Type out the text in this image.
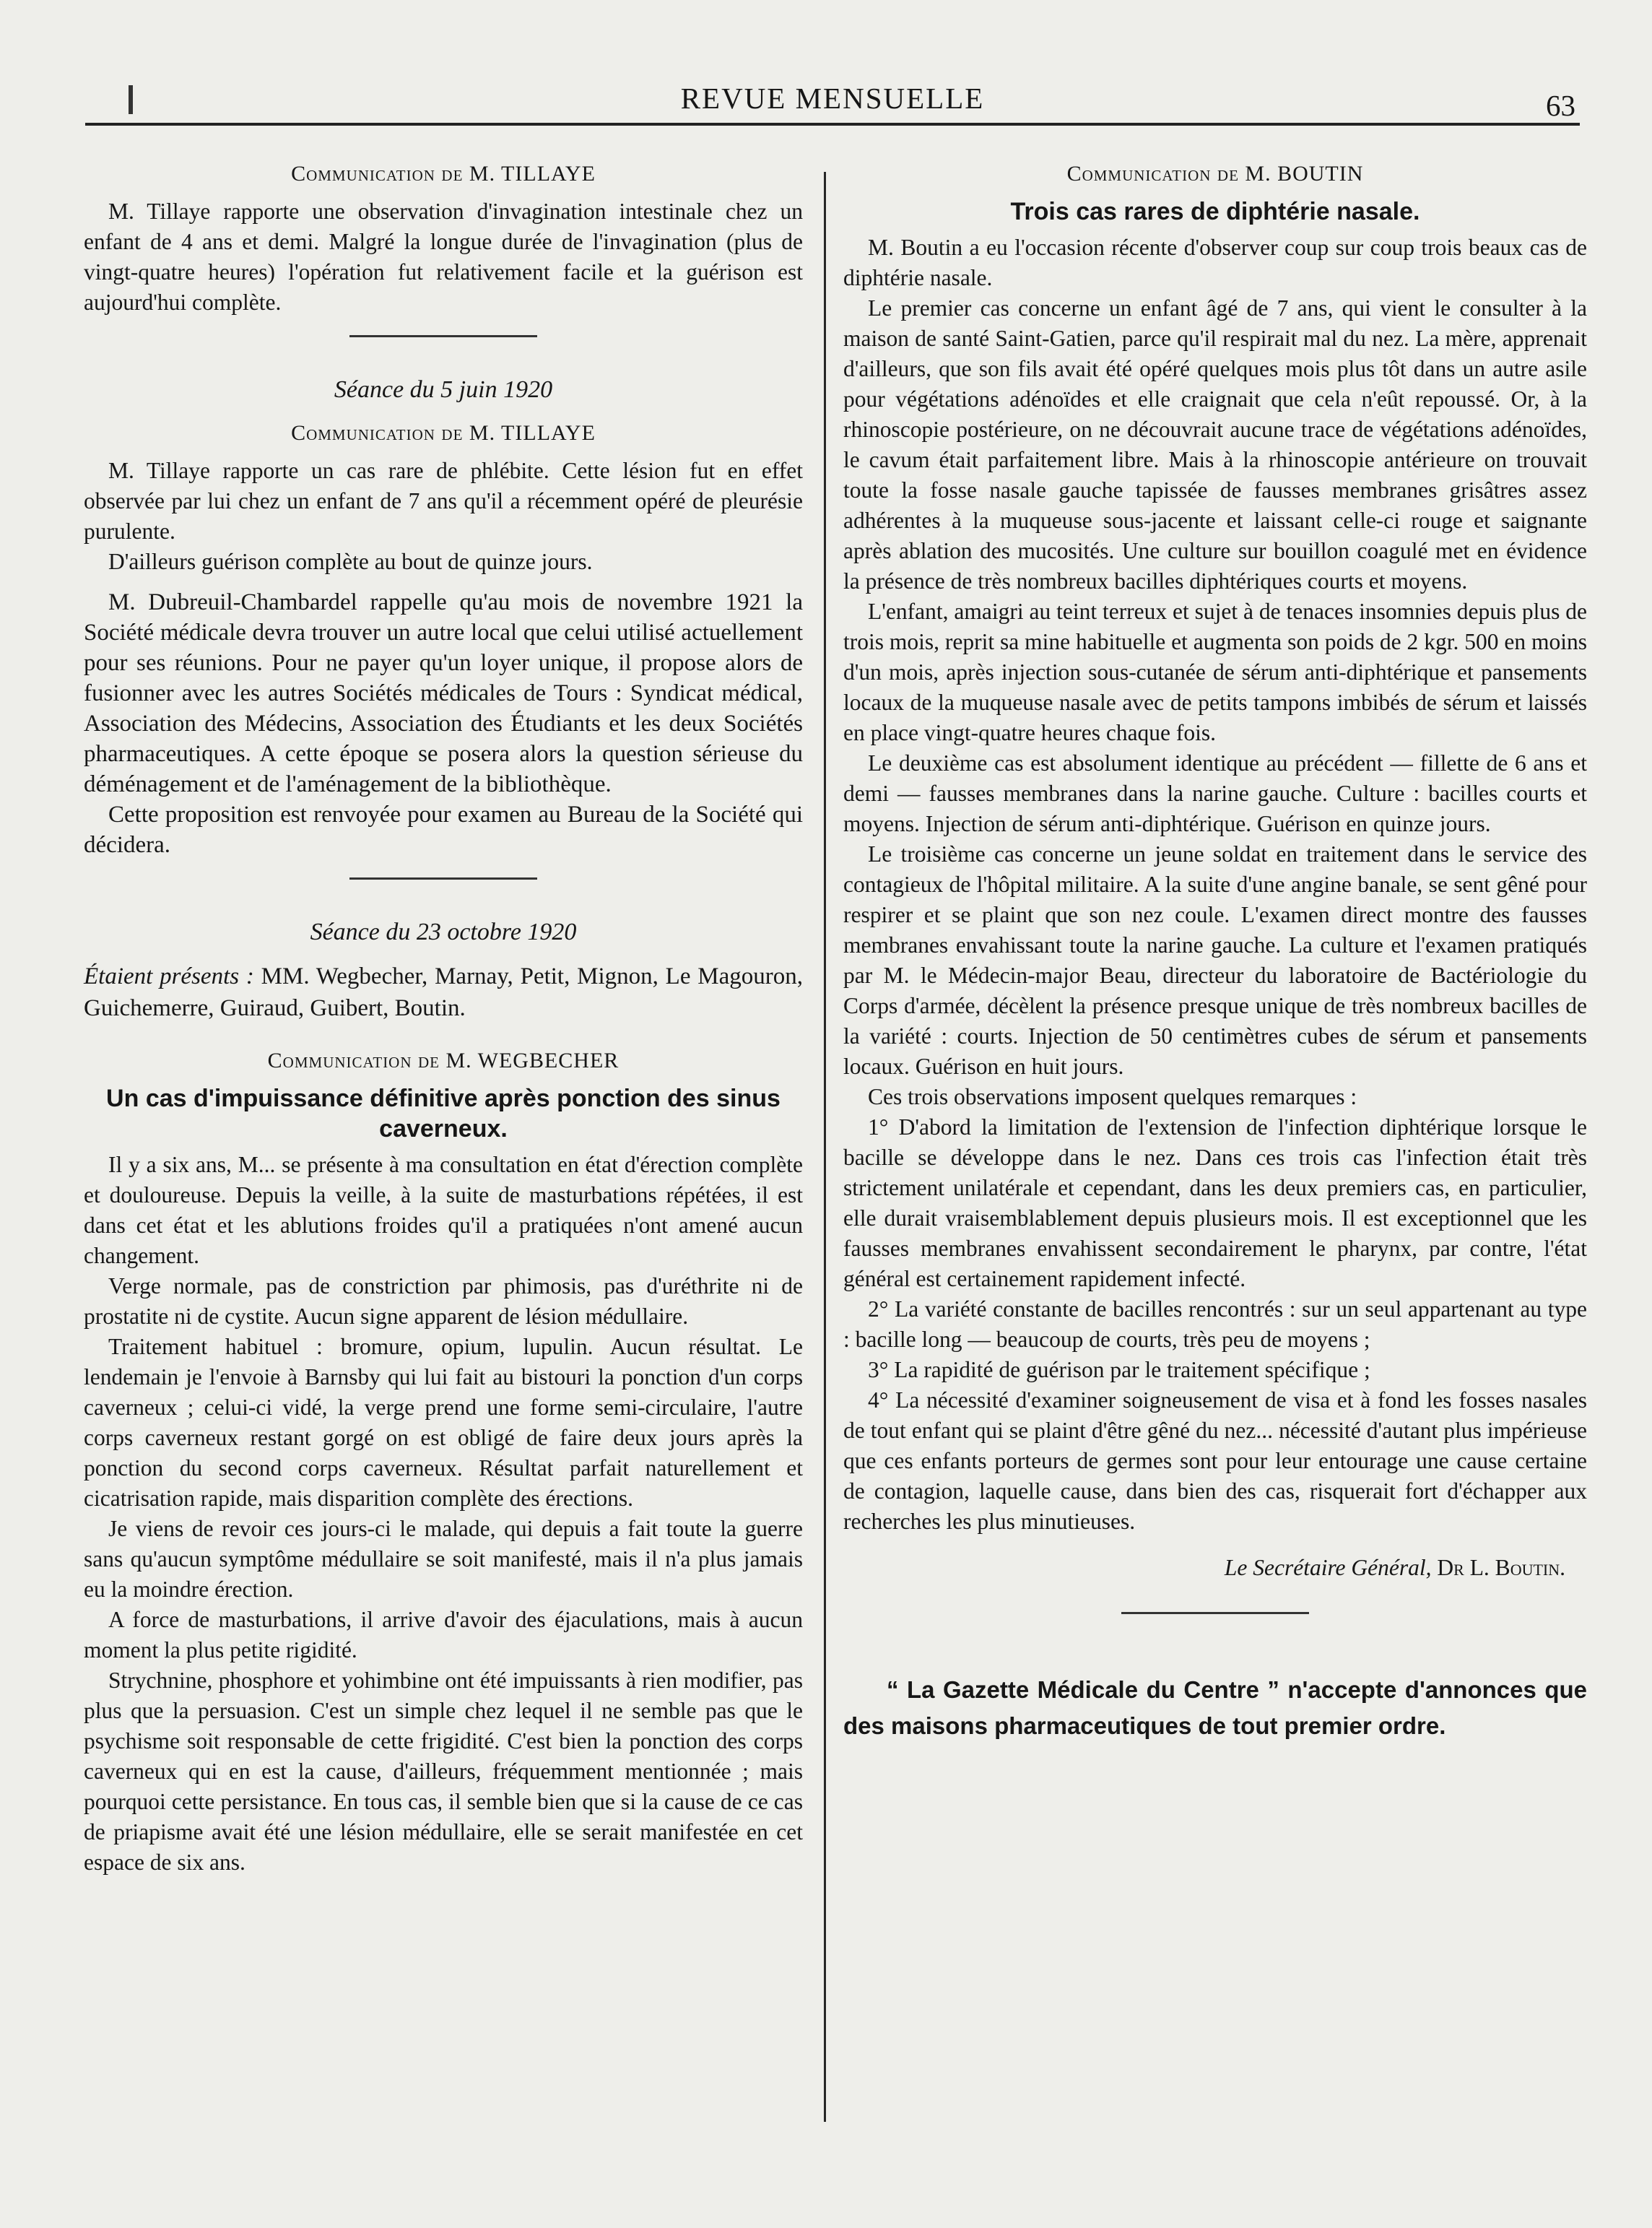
REVUE MENSUELLE	63
Communication de M. TILLAYE

M. Tillaye rapporte une observation d'invagination intestinale chez un enfant de 4 ans et demi. Malgré la longue durée de l'invagination (plus de vingt-quatre heures) l'opération fut relativement facile et la guérison est aujourd'hui complète.

Séance du 5 juin 1920
Communication de M. TILLAYE

M. Tillaye rapporte un cas rare de phlébite. Cette lésion fut en effet observée par lui chez un enfant de 7 ans qu'il a récemment opéré de pleurésie purulente.

D'ailleurs guérison complète au bout de quinze jours.

M. Dubreuil-Chambardel rappelle qu'au mois de novembre 1921 la Société médicale devra trouver un autre local que celui utilisé actuellement pour ses réunions. Pour ne payer qu'un loyer unique, il propose alors de fusionner avec les autres Sociétés médicales de Tours : Syndicat médical, Association des Médecins, Association des Étudiants et les deux Sociétés pharmaceutiques. A cette époque se posera alors la question sérieuse du déménagement et de l'aménagement de la bibliothèque.

Cette proposition est renvoyée pour examen au Bureau de la Société qui décidera.

Séance du 23 octobre 1920

Étaient présents : MM. Wegbecher, Marnay, Petit, Mignon, Le Magouron, Guichemerre, Guiraud, Guibert, Boutin.

Communication de M. WEGBECHER
Un cas d'impuissance définitive après ponction des sinus caverneux.

Il y a six ans, M... se présente à ma consultation en état d'érection complète et douloureuse. Depuis la veille, à la suite de masturbations répétées, il est dans cet état et les ablutions froides qu'il a pratiquées n'ont amené aucun changement.

Verge normale, pas de constriction par phimosis, pas d'uréthrite ni de prostatite ni de cystite. Aucun signe apparent de lésion médullaire.

Traitement habituel : bromure, opium, lupulin. Aucun résultat. Le lendemain je l'envoie à Barnsby qui lui fait au bistouri la ponction d'un corps caverneux ; celui-ci vidé, la verge prend une forme semi-circulaire, l'autre corps caverneux restant gorgé on est obligé de faire deux jours après la ponction du second corps caverneux. Résultat parfait naturellement et cicatrisation rapide, mais disparition complète des érections.

Je viens de revoir ces jours-ci le malade, qui depuis a fait toute la guerre sans qu'aucun symptôme médullaire se soit manifesté, mais il n'a plus jamais eu la moindre érection.

A force de masturbations, il arrive d'avoir des éjaculations, mais à aucun moment la plus petite rigidité.

Strychnine, phosphore et yohimbine ont été impuissants à rien modifier, pas plus que la persuasion. C'est un simple chez lequel il ne semble pas que le psychisme soit responsable de cette frigidité. C'est bien la ponction des corps caverneux qui en est la cause, d'ailleurs, fréquemment mentionnée ; mais pourquoi cette persistance. En tous cas, il semble bien que si la cause de ce cas de priapisme avait été une lésion médullaire, elle se serait manifestée en cet espace de six ans.

Communication de M. BOUTIN
Trois cas rares de diphtérie nasale.

M. Boutin a eu l'occasion récente d'observer coup sur coup trois beaux cas de diphtérie nasale.

Le premier cas concerne un enfant âgé de 7 ans, qui vient le consulter à la maison de santé Saint-Gatien, parce qu'il respirait mal du nez. La mère, apprenait d'ailleurs, que son fils avait été opéré quelques mois plus tôt dans un autre asile pour végétations adénoïdes et elle craignait que cela n'eût repoussé. Or, à la rhinoscopie postérieure, on ne découvrait aucune trace de végétations adénoïdes, le cavum était parfaitement libre. Mais à la rhinoscopie antérieure on trouvait toute la fosse nasale gauche tapissée de fausses membranes grisâtres assez adhérentes à la muqueuse sous-jacente et laissant celle-ci rouge et saignante après ablation des mucosités. Une culture sur bouillon coagulé met en évidence la présence de très nombreux bacilles diphtériques courts et moyens.

L'enfant, amaigri au teint terreux et sujet à de tenaces insomnies depuis plus de trois mois, reprit sa mine habituelle et augmenta son poids de 2 kgr. 500 en moins d'un mois, après injection sous-cutanée de sérum anti-diphtérique et pansements locaux de la muqueuse nasale avec de petits tampons imbibés de sérum et laissés en place vingt-quatre heures chaque fois.

Le deuxième cas est absolument identique au précédent — fillette de 6 ans et demi — fausses membranes dans la narine gauche. Culture : bacilles courts et moyens. Injection de sérum anti-diphtérique. Guérison en quinze jours.

Le troisième cas concerne un jeune soldat en traitement dans le service des contagieux de l'hôpital militaire. A la suite d'une angine banale, se sent gêné pour respirer et se plaint que son nez coule. L'examen direct montre des fausses membranes envahissant toute la narine gauche. La culture et l'examen pratiqués par M. le Médecin-major Beau, directeur du laboratoire de Bactériologie du Corps d'armée, décèlent la présence presque unique de très nombreux bacilles de la variété : courts. Injection de 50 centimètres cubes de sérum et pansements locaux. Guérison en huit jours.

Ces trois observations imposent quelques remarques :

1° D'abord la limitation de l'extension de l'infection diphtérique lorsque le bacille se développe dans le nez. Dans ces trois cas l'infection était très strictement unilatérale et cependant, dans les deux premiers cas, en particulier, elle durait vraisemblablement depuis plusieurs mois. Il est exceptionnel que les fausses membranes envahissent secondairement le pharynx, par contre, l'état général est certainement rapidement infecté.

2° La variété constante de bacilles rencontrés : sur un seul appartenant au type : bacille long — beaucoup de courts, très peu de moyens ;

3° La rapidité de guérison par le traitement spécifique ;

4° La nécessité d'examiner soigneusement de visa et à fond les fosses nasales de tout enfant qui se plaint d'être gêné du nez... nécessité d'autant plus impérieuse que ces enfants porteurs de germes sont pour leur entourage une cause certaine de contagion, laquelle cause, dans bien des cas, risquerait fort d'échapper aux recherches les plus minutieuses.

Le Secrétaire Général, Dr L. Boutin.

“ La Gazette Médicale du Centre ” n'accepte d'annonces que des maisons pharmaceutiques de tout premier ordre.
